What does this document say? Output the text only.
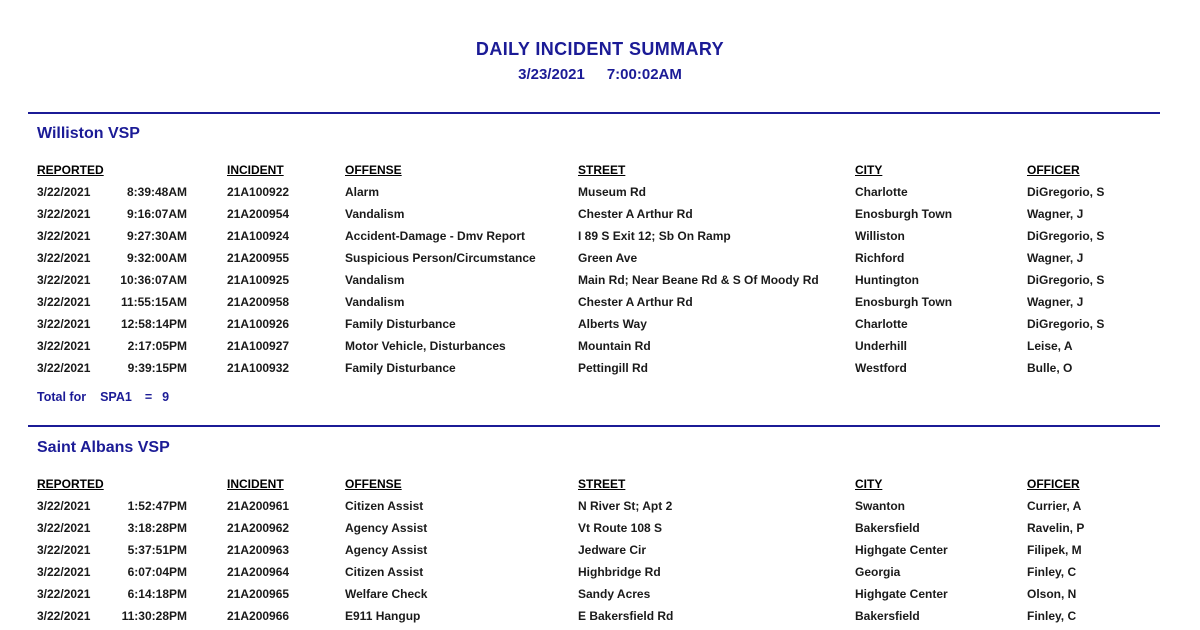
DAILY INCIDENT SUMMARY
3/23/2021 7:00:02AM
Williston VSP
REPORTED	INCIDENT	OFFENSE	STREET	CITY	OFFICER
3/22/2021	8:39:48AM	21A100922	Alarm	Museum Rd	Charlotte	DiGregorio, S
3/22/2021	9:16:07AM	21A200954	Vandalism	Chester A Arthur Rd	Enosburgh Town	Wagner, J
3/22/2021	9:27:30AM	21A100924	Accident-Damage - Dmv Report	I 89 S Exit 12; Sb On Ramp	Williston	DiGregorio, S
3/22/2021	9:32:00AM	21A200955	Suspicious Person/Circumstance	Green Ave	Richford	Wagner, J
3/22/2021 10:36:07AM	21A100925	Vandalism	Main Rd; Near Beane Rd & S Of Moody Rd	Huntington	DiGregorio, S
3/22/2021	11:55:15AM	21A200958	Vandalism	Chester A Arthur Rd	Enosburgh Town	Wagner, J
3/22/2021	12:58:14PM	21A100926	Family Disturbance	Alberts Way	Charlotte	DiGregorio, S
3/22/2021	2:17:05PM	21A100927	Motor Vehicle, Disturbances	Mountain Rd	Underhill	Leise, A
3/22/2021	9:39:15PM	21A100932	Family Disturbance	Pettingill Rd	Westford	Bulle, O
Total for SPA1 = 9
Saint Albans VSP
REPORTED	INCIDENT	OFFENSE	STREET	CITY	OFFICER
3/22/2021	1:52:47PM	21A200961	Citizen Assist	N River St; Apt 2	Swanton	Currier, A
3/22/2021	3:18:28PM	21A200962	Agency Assist	Vt Route 108 S	Bakersfield	Ravelin, P
3/22/2021	5:37:51PM	21A200963	Agency Assist	Jedware Cir	Highgate Center	Filipek, M
3/22/2021	6:07:04PM	21A200964	Citizen Assist	Highbridge Rd	Georgia	Finley, C
3/22/2021	6:14:18PM	21A200965	Welfare Check	Sandy Acres	Highgate Center	Olson, N
3/22/2021	11:30:28PM	21A200966	E911 Hangup	E Bakersfield Rd	Bakersfield	Finley, C
